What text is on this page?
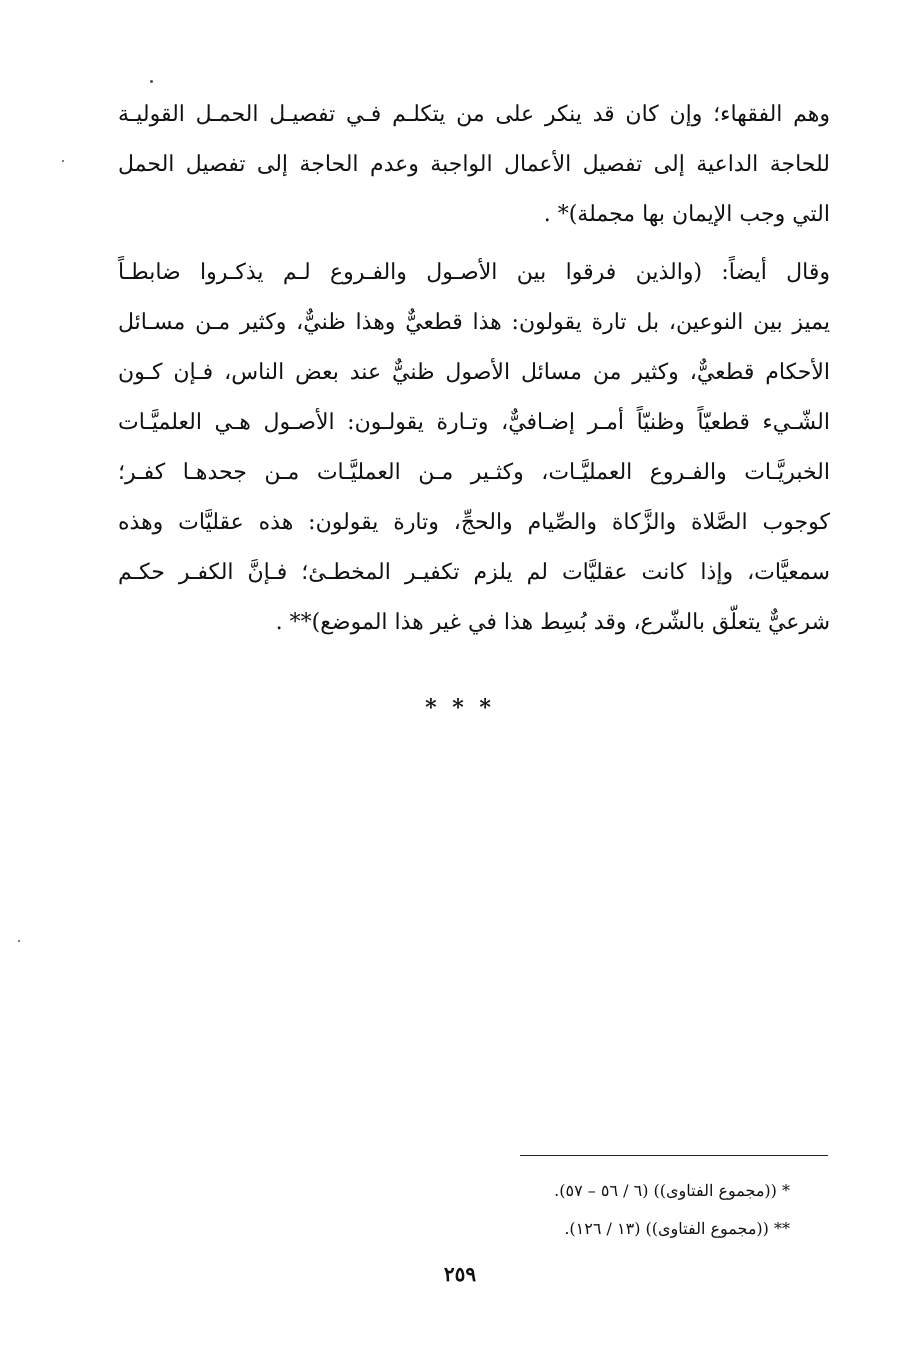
وهم الفقهاء؛ وإن كان قد ينكر على من يتكلـم فـي تفصيـل الحمـل القوليـة
للحاجة الداعية إلى تفصيل الأعمال الواجبة وعدم الحاجة إلى تفصيل الحمل
التي وجب الإيمان بها مجملة)* .

وقال أيضاً: (والذين فرقوا بين الأصـول والفـروع لـم يذكـروا ضابطـاً
يميز بين النوعين، بل تارة يقولون: هذا قطعيٌّ وهذا ظنيٌّ، وكثير مـن مسـائل
الأحكام قطعيٌّ، وكثير من مسائل الأصول ظنيٌّ عند بعض الناس، فـإن كـون
الشّـيء قطعيّاً وظنيّاً أمـر إضـافيٌّ، وتـارة يقولـون: الأصـول هـي العلميَّـات
الخبريَّـات والفـروع العمليَّـات، وكثـير مـن العمليَّـات مـن جحدهـا كفـر؛
كوجوب الصَّلاة والزَّكاة والصِّيام والحجِّ، وتارة يقولون: هذه عقليَّات وهذه
سمعيَّات، وإذا كانت عقليَّات لم يلزم تكفيـر المخطـئ؛ فـإنَّ الكفـر حكـم
شرعيٌّ يتعلّق بالشّرع، وقد بُسِط هذا في غير هذا الموضع)** .

* * *

* ((مجموع الفتاوى)) (٦ / ٥٦ – ٥٧).

** ((مجموع الفتاوى)) (١٣ / ١٢٦).

٢٥٩
